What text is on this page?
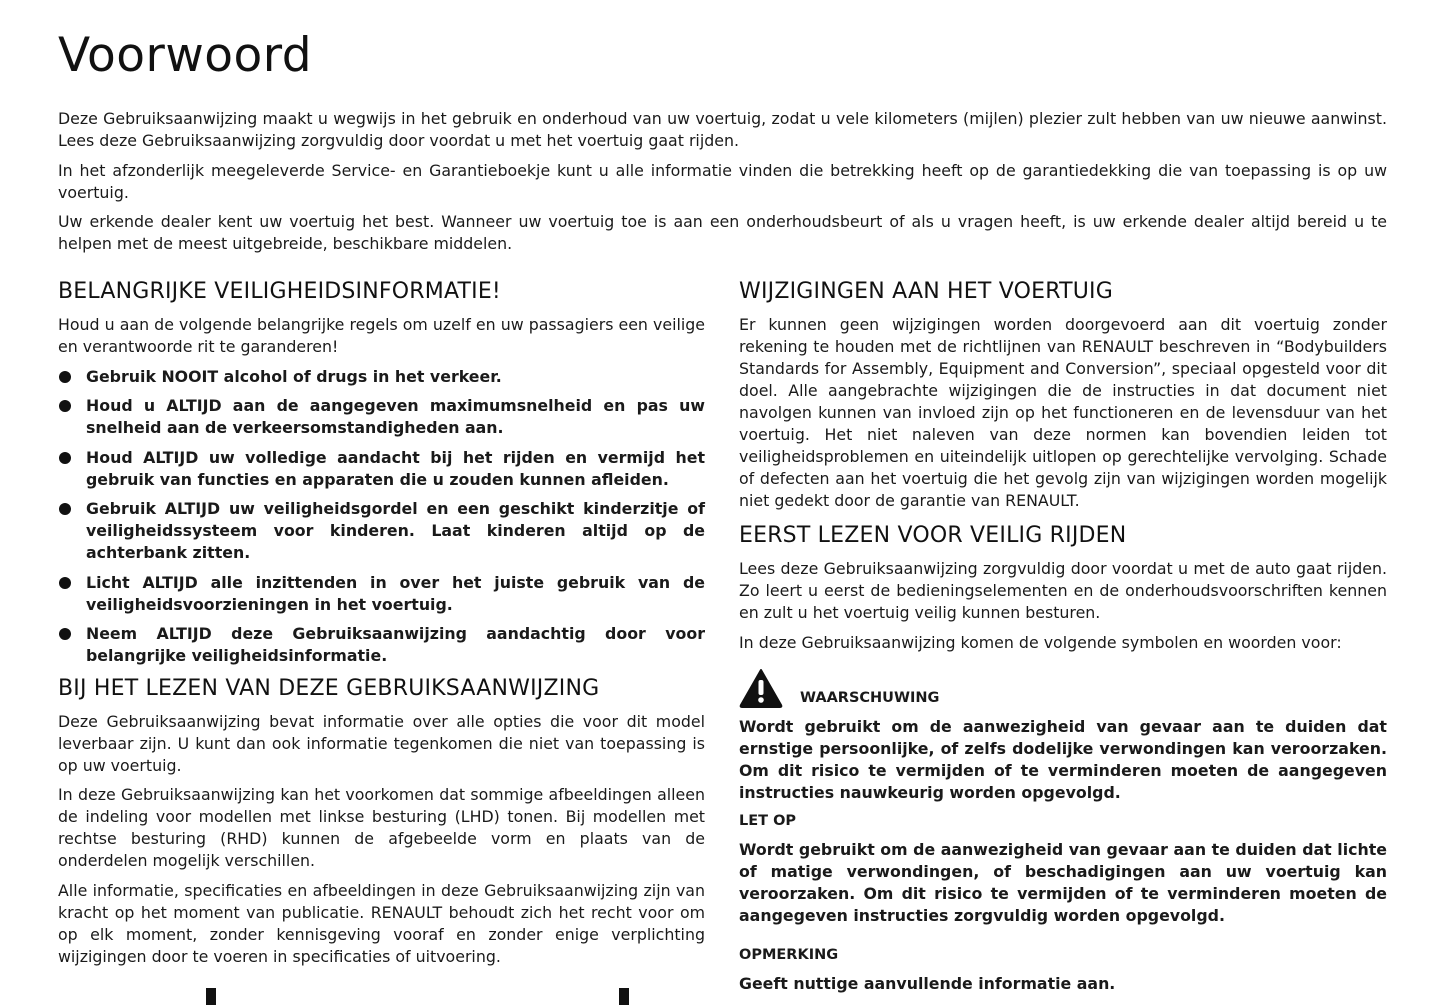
Voorwoord

Deze Gebruiksaanwijzing maakt u wegwijs in het gebruik en onderhoud van uw voertuig, zodat u vele kilometers (mijlen) plezier zult hebben van uw nieuwe aanwinst. Lees deze Gebruiksaanwijzing zorgvuldig door voordat u met het voertuig gaat rijden.

In het afzonderlijk meegeleverde Service- en Garantieboekje kunt u alle informatie vinden die betrekking heeft op de garantiedekking die van toepassing is op uw voertuig.

Uw erkende dealer kent uw voertuig het best. Wanneer uw voertuig toe is aan een onderhoudsbeurt of als u vragen heeft, is uw erkende dealer altijd bereid u te helpen met de meest uitgebreide, beschikbare middelen.

BELANGRIJKE VEILIGHEIDSINFORMATIE!

Houd u aan de volgende belangrijke regels om uzelf en uw passagiers een veilige en verantwoorde rit te garanderen!

Gebruik NOOIT alcohol of drugs in het verkeer.
Houd u ALTIJD aan de aangegeven maximumsnelheid en pas uw snelheid aan de verkeersomstandigheden aan.
Houd ALTIJD uw volledige aandacht bij het rijden en vermijd het gebruik van functies en apparaten die u zouden kunnen afleiden.
Gebruik ALTIJD uw veiligheidsgordel en een geschikt kinderzitje of veiligheidssysteem voor kinderen. Laat kinderen altijd op de achterbank zitten.
Licht ALTIJD alle inzittenden in over het juiste gebruik van de veiligheidsvoorzieningen in het voertuig.
Neem ALTIJD deze Gebruiksaanwijzing aandachtig door voor belangrijke veiligheidsinformatie.
BIJ HET LEZEN VAN DEZE GEBRUIKSAANWIJZING

Deze Gebruiksaanwijzing bevat informatie over alle opties die voor dit model leverbaar zijn. U kunt dan ook informatie tegenkomen die niet van toepassing is op uw voertuig.

In deze Gebruiksaanwijzing kan het voorkomen dat sommige afbeeldingen alleen de indeling voor modellen met linkse besturing (LHD) tonen. Bij modellen met rechtse besturing (RHD) kunnen de afgebeelde vorm en plaats van de onderdelen mogelijk verschillen.

Alle informatie, specificaties en afbeeldingen in deze Gebruiksaanwijzing zijn van kracht op het moment van publicatie. RENAULT behoudt zich het recht voor om op elk moment, zonder kennisgeving vooraf en zonder enige verplichting wijzigingen door te voeren in specificaties of uitvoering.

WIJZIGINGEN AAN HET VOERTUIG

Er kunnen geen wijzigingen worden doorgevoerd aan dit voertuig zonder rekening te houden met de richtlijnen van RENAULT beschreven in “Bodybuilders Standards for Assembly, Equipment and Conversion”, speciaal opgesteld voor dit doel. Alle aangebrachte wijzigingen die de instructies in dat document niet navolgen kunnen van invloed zijn op het functioneren en de levensduur van het voertuig. Het niet naleven van deze normen kan bovendien leiden tot veiligheidsproblemen en uiteindelijk uitlopen op gerechtelijke vervolging. Schade of defecten aan het voertuig die het gevolg zijn van wijzigingen worden mogelijk niet gedekt door de garantie van RENAULT.

EERST LEZEN VOOR VEILIG RIJDEN

Lees deze Gebruiksaanwijzing zorgvuldig door voordat u met de auto gaat rijden. Zo leert u eerst de bedieningselementen en de onderhoudsvoorschriften kennen en zult u het voertuig veilig kunnen besturen.

In deze Gebruiksaanwijzing komen de volgende symbolen en woorden voor:

WAARSCHUWING

Wordt gebruikt om de aanwezigheid van gevaar aan te duiden dat ernstige persoonlijke, of zelfs dodelijke verwondingen kan veroorzaken. Om dit risico te vermijden of te verminderen moeten de aangegeven instructies nauwkeurig worden opgevolgd.

LET OP

Wordt gebruikt om de aanwezigheid van gevaar aan te duiden dat lichte of matige verwondingen, of beschadigingen aan uw voertuig kan veroorzaken. Om dit risico te vermijden of te verminderen moeten de aangegeven instructies zorgvuldig worden opgevolgd.

OPMERKING

Geeft nuttige aanvullende informatie aan.
